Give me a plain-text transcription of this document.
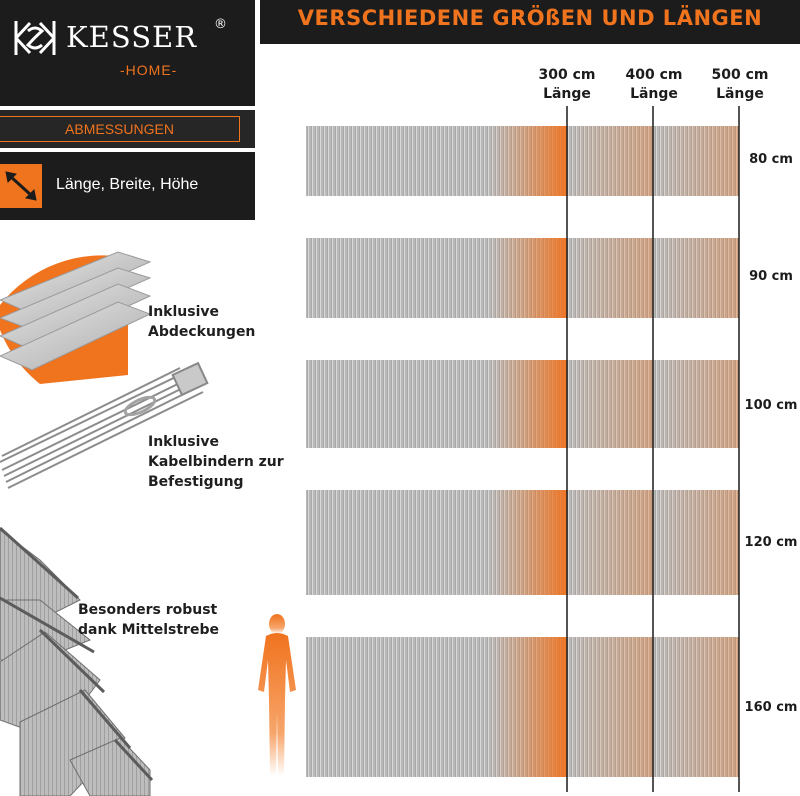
KESSER ®
-HOME-
ABMESSUNGEN
Länge, Breite, Höhe
VERSCHIEDENE GRÖßEN UND LÄNGEN
Inklusive
Abdeckungen
Inklusive
Kabelbindern zur
Befestigung
Besonders robust
dank Mittelstrebe
300 cm
Länge
400 cm
Länge
500 cm
Länge
80 cm
90 cm
100 cm
120 cm
160 cm
